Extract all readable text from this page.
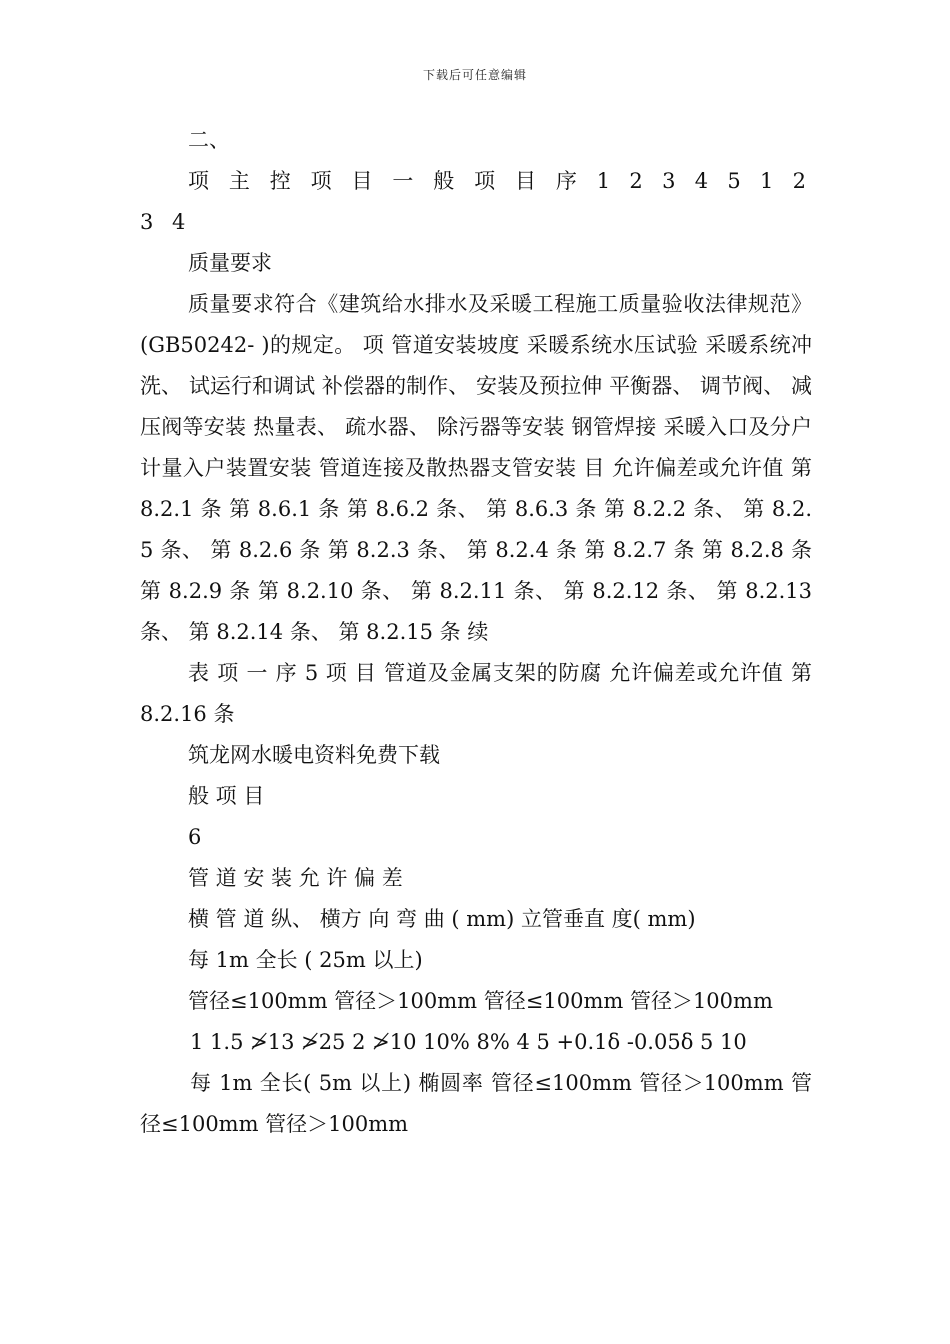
下载后可任意编辑

二、

项 主 控 项 目 一 般 项 目 序 1 2 3 4 5 1 2 3 4

质量要求

质量要求符合《建筑给水排水及采暖工程施工质量验收法律规范》(GB50242- )的规定。 项 管道安装坡度 采暖系统水压试验 采暖系统冲洗、 试运行和调试 补偿器的制作、 安装及预拉伸 平衡器、 调节阀、 减压阀等安装 热量表、 疏水器、 除污器等安装 钢管焊接 采暖入口及分户计量入户装置安装 管道连接及散热器支管安装 目 允许偏差或允许值 第 8.2.1 条 第 8.6.1 条 第 8.6.2 条、 第 8.6.3 条 第 8.2.2 条、 第 8.2.5 条、 第 8.2.6 条 第 8.2.3 条、 第 8.2.4 条 第 8.2.7 条 第 8.2.8 条 第 8.2.9 条 第 8.2.10 条、 第 8.2.11 条、 第 8.2.12 条、 第 8.2.13 条、 第 8.2.14 条、 第 8.2.15 条 续

表 项 一 序 5 项 目 管道及金属支架的防腐 允许偏差或允许值 第 8.2.16 条

筑龙网水暖电资料免费下载

般 项 目

6

管 道 安 装 允 许 偏 差

横 管 道 纵、 横方 向 弯 曲 ( mm) 立管垂直 度( mm)

每 1m 全长 ( 25m 以上)

管径≤100mm 管径＞100mm 管径≤100mm 管径＞100mm

1 1.5 ≯13 ≯25 2 ≯10 10% 8% 4 5 +0.1δ -0.05δ 5 10

每 1m 全长( 5m 以上) 椭圆率 管径≤100mm 管径＞100mm 管径≤100mm 管径＞100mm
